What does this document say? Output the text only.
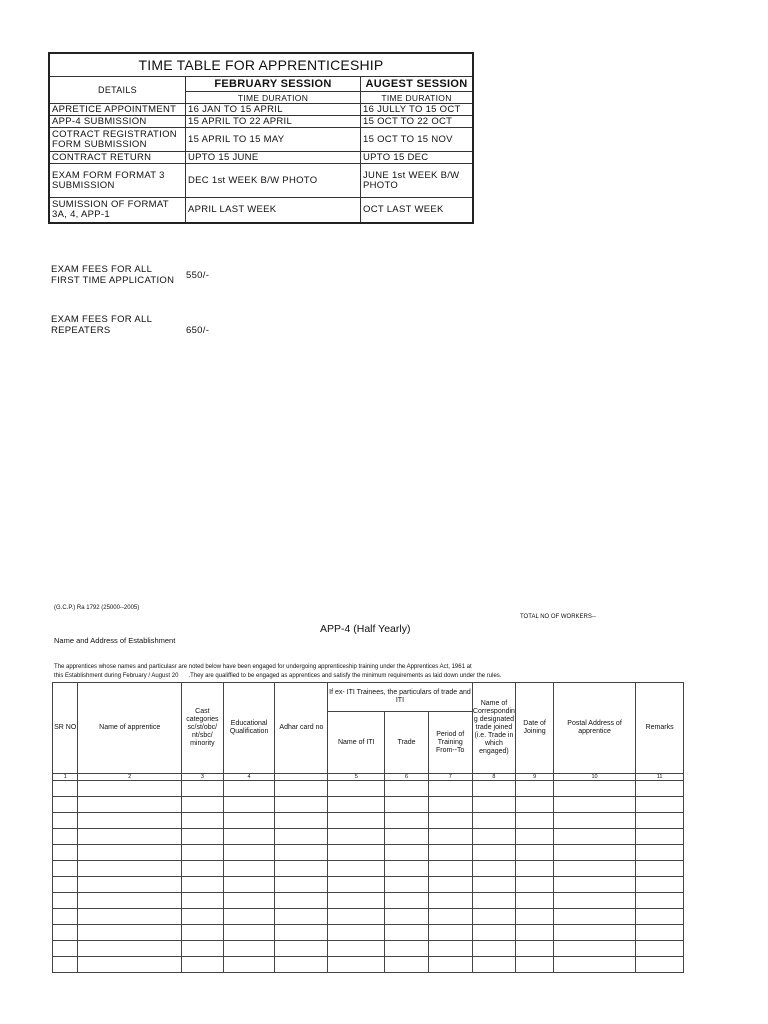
TIME TABLE FOR APPRENTICESHIP		
DETAILS	FEBRUARY SESSION	AUGEST SESSION
	TIME DURATION	TIME DURATION
APRETICE APPOINTMENT	16 JAN TO 15 APRIL	16 JULLY TO 15 OCT
APP-4 SUBMISSION	15 APRIL TO 22 APRIL	15 OCT TO 22 OCT
COTRACT REGISTRATION FORM SUBMISSION	15 APRIL TO 15 MAY	15 OCT TO 15 NOV
CONTRACT RETURN	UPTO 15 JUNE	UPTO 15 DEC
EXAM FORM FORMAT 3 SUBMISSION	DEC 1st WEEK B/W PHOTO	JUNE 1st WEEK B/W PHOTO
SUMISSION OF FORMAT 3A, 4, APP-1	APRIL LAST WEEK	OCT LAST WEEK
EXAM FEES FOR ALL FIRST TIME APPLICATION	550/-
EXAM FEES FOR ALL REPEATERS	650/-
(G.C.P.) Ra 1792 (25000--2005)
TOTAL NO OF WORKERS--
APP-4 (Half Yearly)
Name and Address of Establishment
The apprentices whose names and particulasr are noted below have been engaged for undergoing apprenticeship training under the Apprentices Act, 1961 at
this Establishment during February / August 20      .They are qualiffied to be engaged as apprentices and satisfy the minimum requirements as laid down under the rules.
SR NO	Name of apprentice	Cast categories sc/st/obc/ nt/sbc/ minority	Educational Qualification	Adhar card no	If ex- ITI Trainees, the particulars of trade and ITI			Name of Correspondin g designated trade joined (i.e. Trade in which engaged)	Date of Joining	Postal Address of apprentice	Remarks
					Name of ITI	Trade	Period of Training From--To				
1	2	3	4		5	6	7	8	9	10	11
